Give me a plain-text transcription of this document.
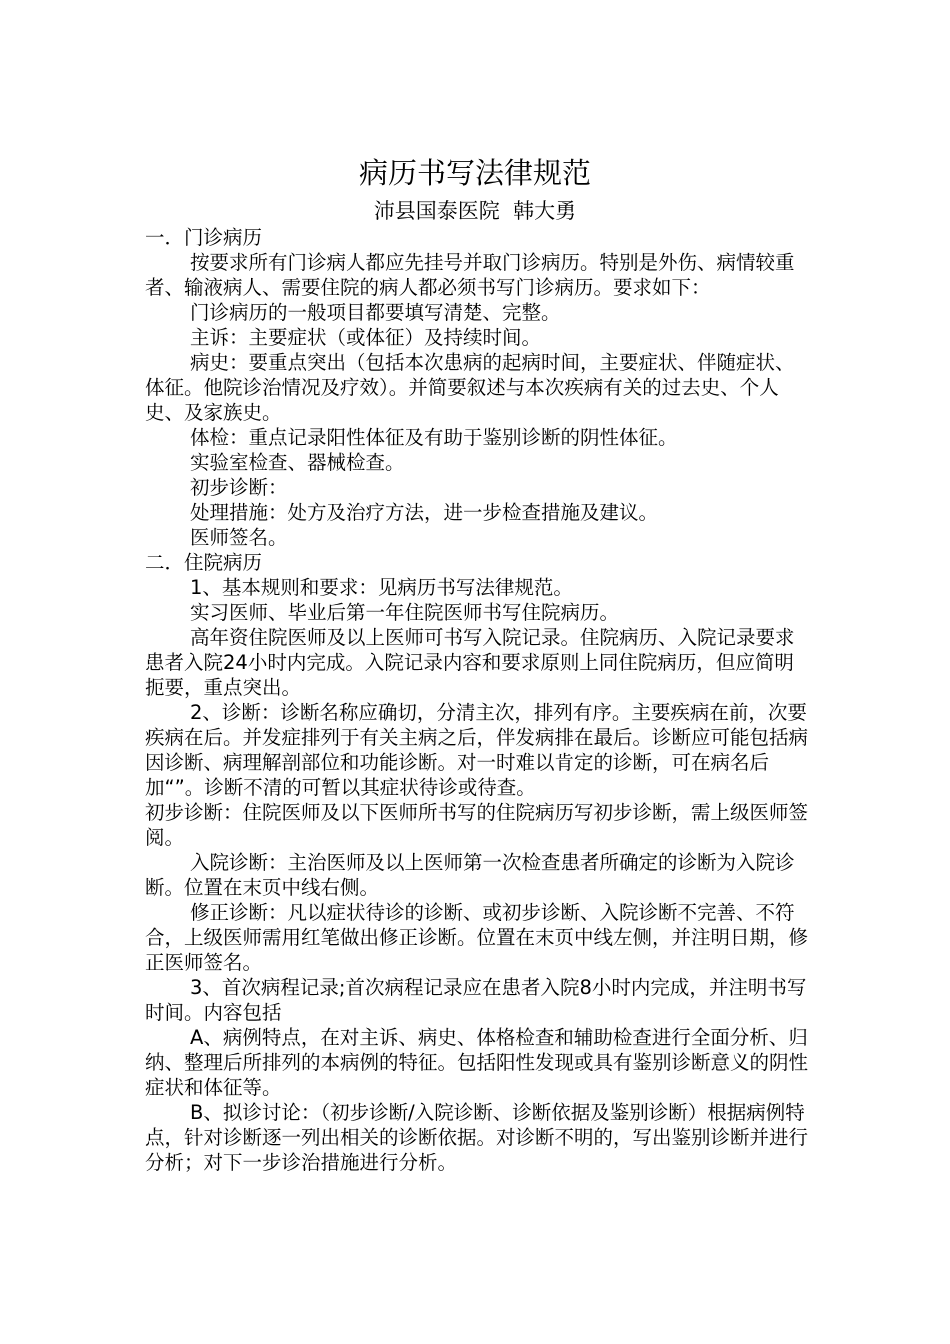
病历书写法律规范
沛县国泰医院  韩大勇

一．门诊病历

按要求所有门诊病人都应先挂号并取门诊病历。特别是外伤、病情较重者、输液病人、需要住院的病人都必须书写门诊病历。要求如下：

门诊病历的一般项目都要填写清楚、完整。

主诉：主要症状（或体征）及持续时间。

病史：要重点突出（包括本次患病的起病时间，主要症状、伴随症状、体征。他院诊治情况及疗效）。并简要叙述与本次疾病有关的过去史、个人史、及家族史。

体检：重点记录阳性体征及有助于鉴别诊断的阴性体征。

实验室检查、器械检查。

初步诊断：

处理措施：处方及治疗方法，进一步检查措施及建议。

医师签名。

二．住院病历

1、基本规则和要求：见病历书写法律规范。

实习医师、毕业后第一年住院医师书写住院病历。

高年资住院医师及以上医师可书写入院记录。住院病历、入院记录要求患者入院24小时内完成。入院记录内容和要求原则上同住院病历，但应简明扼要，重点突出。

2、诊断：诊断名称应确切，分清主次，排列有序。主要疾病在前，次要疾病在后。并发症排列于有关主病之后，伴发病排在最后。诊断应可能包括病因诊断、病理解剖部位和功能诊断。对一时难以肯定的诊断，可在病名后加“”。诊断不清的可暂以其症状待诊或待查。

初步诊断：住院医师及以下医师所书写的住院病历写初步诊断，需上级医师签阅。

入院诊断：主治医师及以上医师第一次检查患者所确定的诊断为入院诊断。位置在末页中线右侧。

修正诊断：凡以症状待诊的诊断、或初步诊断、入院诊断不完善、不符合，上级医师需用红笔做出修正诊断。位置在末页中线左侧，并注明日期，修正医师签名。

3、首次病程记录;首次病程记录应在患者入院8小时内完成，并注明书写时间。内容包括

A、病例特点，在对主诉、病史、体格检查和辅助检查进行全面分析、归纳、整理后所排列的本病例的特征。包括阳性发现或具有鉴别诊断意义的阴性症状和体征等。

B、拟诊讨论：（初步诊断/入院诊断、诊断依据及鉴别诊断）根据病例特点，针对诊断逐一列出相关的诊断依据。对诊断不明的，写出鉴别诊断并进行分析；对下一步诊治措施进行分析。
